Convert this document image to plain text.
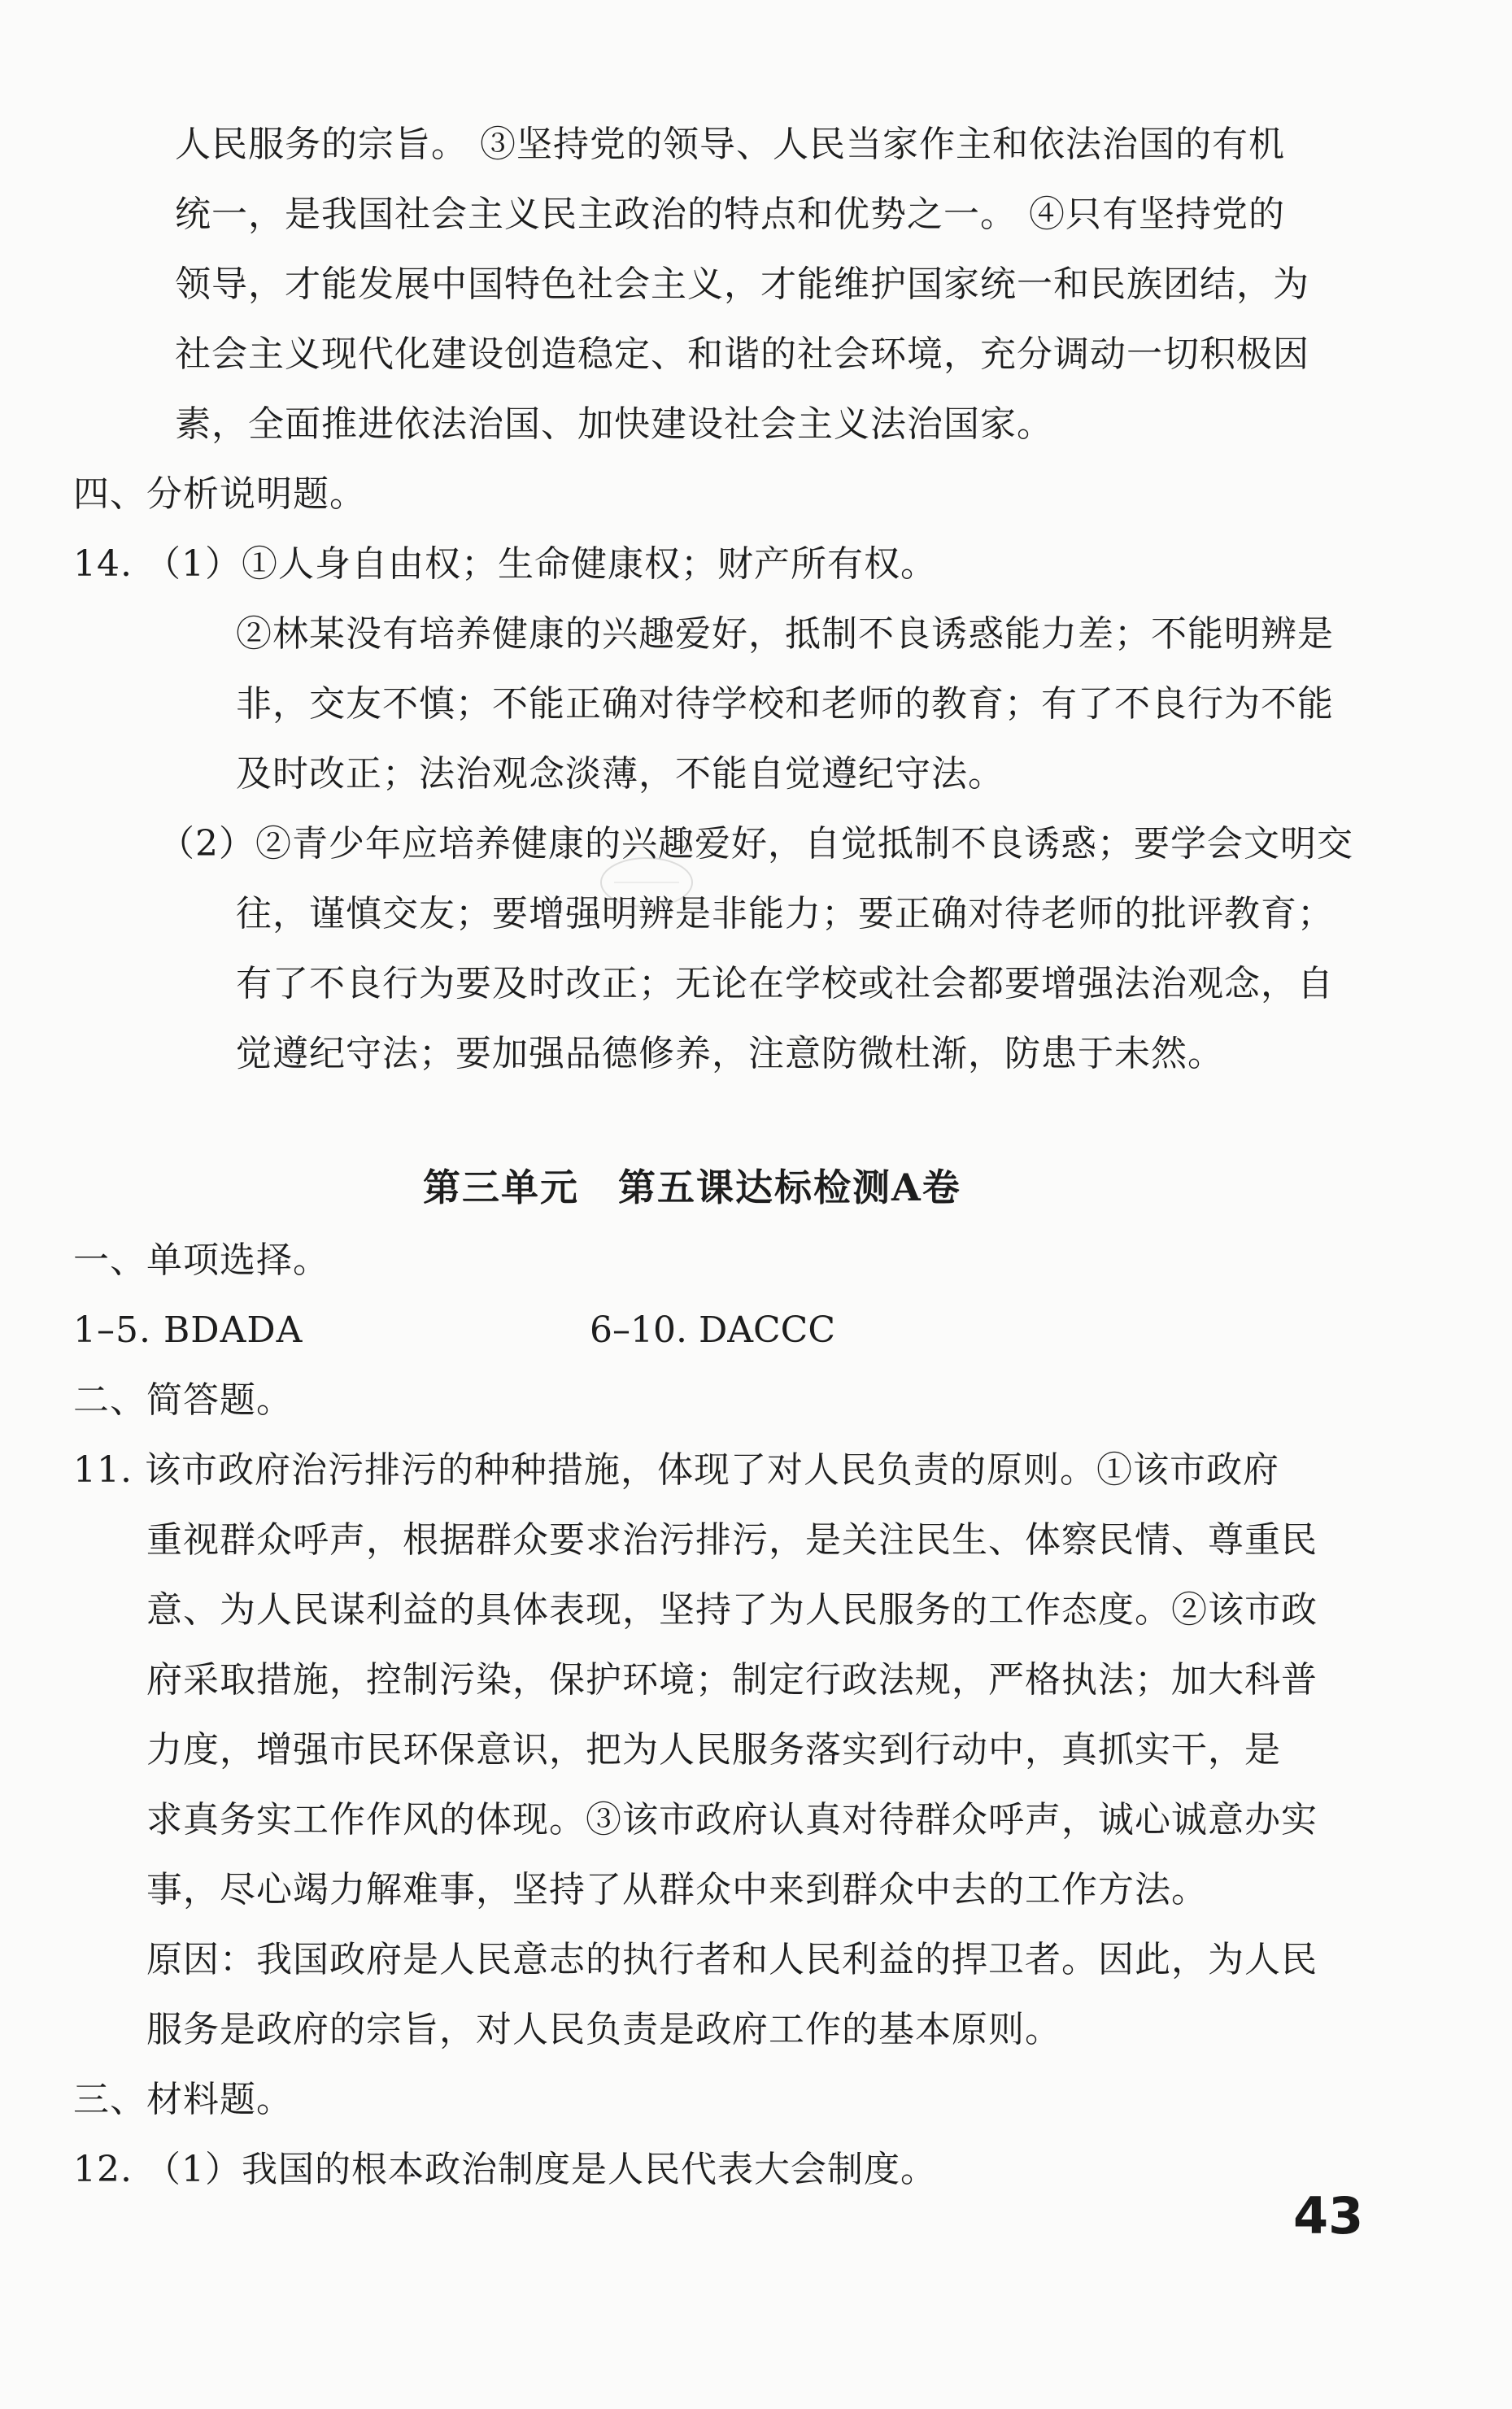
人民服务的宗旨。 ③坚持党的领导、人民当家作主和依法治国的有机
统一，是我国社会主义民主政治的特点和优势之一。 ④只有坚持党的
领导，才能发展中国特色社会主义，才能维护国家统一和民族团结，为
社会主义现代化建设创造稳定、和谐的社会环境，充分调动一切积极因
素，全面推进依法治国、加快建设社会主义法治国家。
四、分析说明题。
14. （1）①人身自由权；生命健康权；财产所有权。
②林某没有培养健康的兴趣爱好，抵制不良诱惑能力差；不能明辨是
非，交友不慎；不能正确对待学校和老师的教育；有了不良行为不能
及时改正；法治观念淡薄，不能自觉遵纪守法。
（2）②青少年应培养健康的兴趣爱好，自觉抵制不良诱惑；要学会文明交
往，谨慎交友；要增强明辨是非能力；要正确对待老师的批评教育；
有了不良行为要及时改正；无论在学校或社会都要增强法治观念，自
觉遵纪守法；要加强品德修养，注意防微杜渐，防患于未然。
第三单元　第五课达标检测A卷
一、单项选择。
1–5. BDADA	6–10. DACCC
二、简答题。
11. 该市政府治污排污的种种措施，体现了对人民负责的原则。①该市政府
重视群众呼声，根据群众要求治污排污，是关注民生、体察民情、尊重民
意、为人民谋利益的具体表现，坚持了为人民服务的工作态度。②该市政
府采取措施，控制污染，保护环境；制定行政法规，严格执法；加大科普
力度，增强市民环保意识，把为人民服务落实到行动中，真抓实干，是
求真务实工作作风的体现。③该市政府认真对待群众呼声，诚心诚意办实
事，尽心竭力解难事，坚持了从群众中来到群众中去的工作方法。
原因：我国政府是人民意志的执行者和人民利益的捍卫者。因此，为人民
服务是政府的宗旨，对人民负责是政府工作的基本原则。
三、材料题。
12. （1）我国的根本政治制度是人民代表大会制度。
43
